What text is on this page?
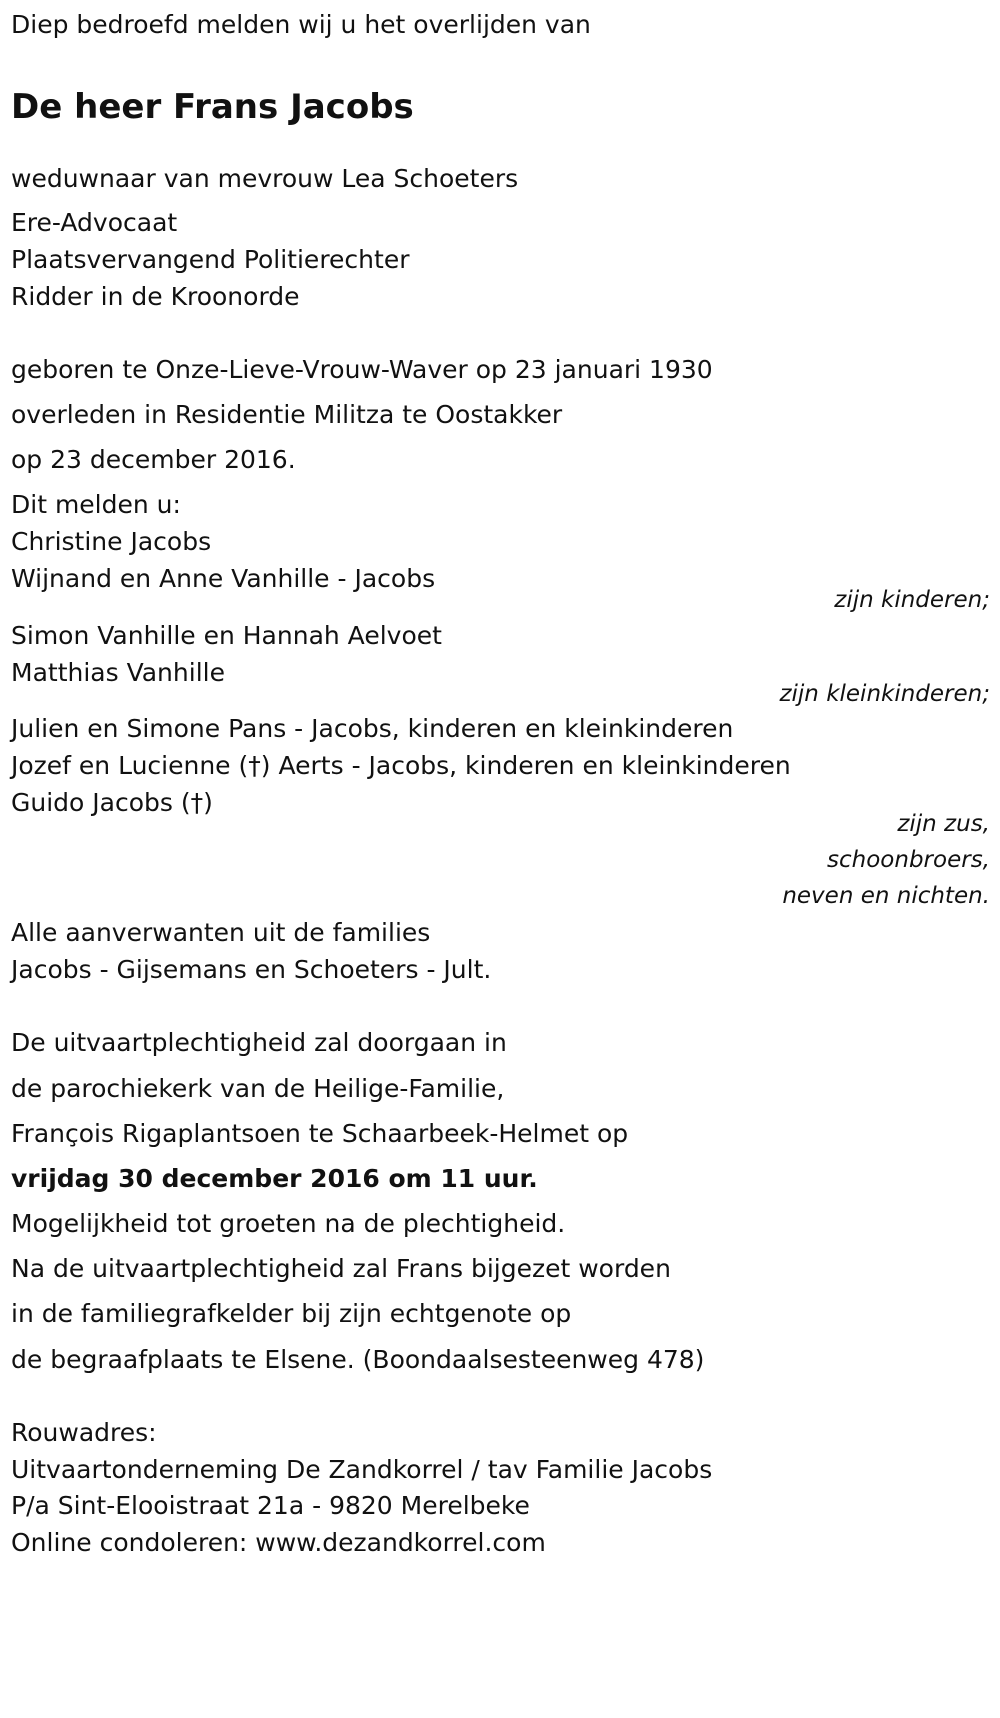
Diep bedroefd melden wij u het overlijden van
De heer Frans Jacobs
weduwnaar van mevrouw Lea Schoeters
Ere-Advocaat
Plaatsvervangend Politierechter
Ridder in de Kroonorde
geboren te Onze-Lieve-Vrouw-Waver op 23 januari 1930
overleden in Residentie Militza te Oostakker
op 23 december 2016.
Dit melden u:
Christine Jacobs
Wijnand en Anne Vanhille - Jacobs
zijn kinderen;
Simon Vanhille en Hannah Aelvoet
Matthias Vanhille
zijn kleinkinderen;
Julien en Simone Pans - Jacobs, kinderen en kleinkinderen
Jozef en Lucienne (†) Aerts - Jacobs, kinderen en kleinkinderen
Guido Jacobs (†)
zijn zus,
schoonbroers,
neven en nichten.
Alle aanverwanten uit de families
Jacobs - Gijsemans en Schoeters - Jult.
De uitvaartplechtigheid zal doorgaan in
de parochiekerk van de Heilige-Familie,
François Rigaplantsoen te Schaarbeek-Helmet op
vrijdag 30 december 2016 om 11 uur.
Mogelijkheid tot groeten na de plechtigheid.
Na de uitvaartplechtigheid zal Frans bijgezet worden
in de familiegrafkelder bij zijn echtgenote op
de begraafplaats te Elsene. (Boondaalsesteenweg 478)
Rouwadres:
Uitvaartonderneming De Zandkorrel / tav Familie Jacobs
P/a Sint-Elooistraat 21a - 9820 Merelbeke
Online condoleren: www.dezandkorrel.com
